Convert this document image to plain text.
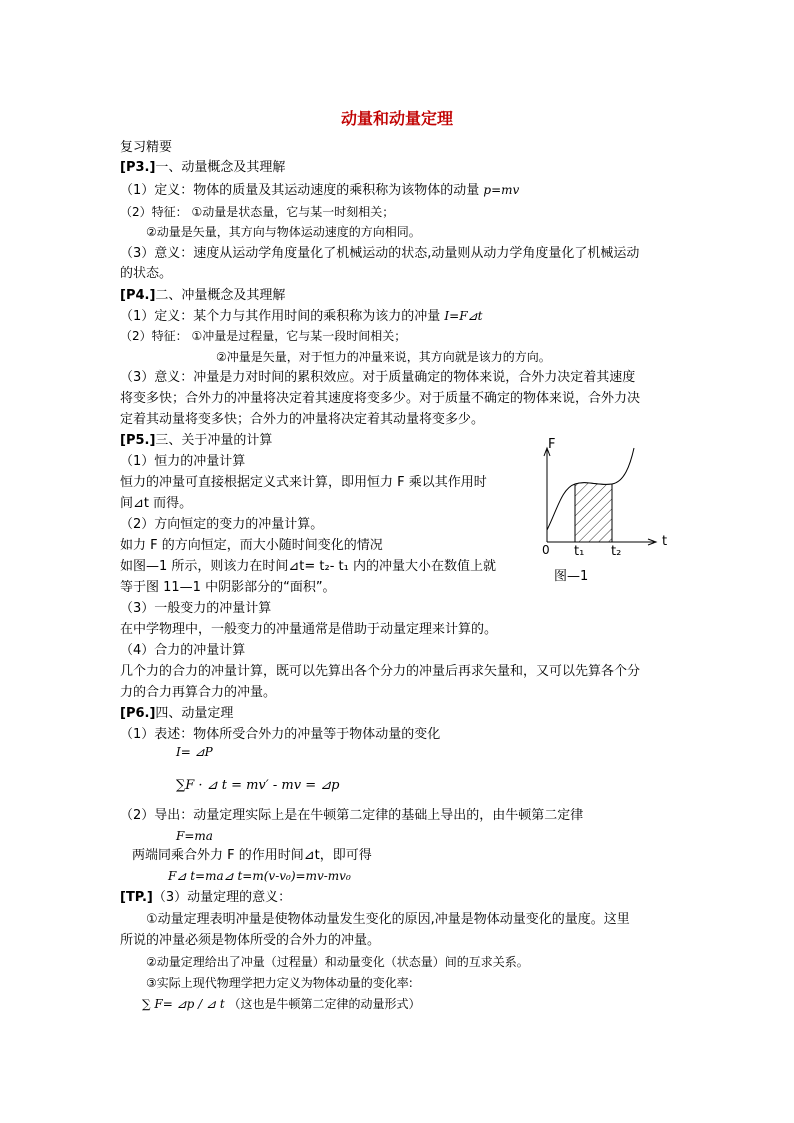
动量和动量定理
复习精要
[P3.]一、动量概念及其理解
（1）定义：物体的质量及其运动速度的乘积称为该物体的动量 p=mv
（2）特征： ①动量是状态量，它与某一时刻相关；
②动量是矢量，其方向与物体运动速度的方向相同。
（3）意义：速度从运动学角度量化了机械运动的状态,动量则从动力学角度量化了机械运动
的状态。
[P4.]二、冲量概念及其理解
（1）定义：某个力与其作用时间的乘积称为该力的冲量 I=F⊿t
（2）特征： ①冲量是过程量，它与某一段时间相关；
②冲量是矢量，对于恒力的冲量来说，其方向就是该力的方向。
（3）意义：冲量是力对时间的累积效应。对于质量确定的物体来说，合外力决定着其速度
将变多快；合外力的冲量将决定着其速度将变多少。对于质量不确定的物体来说，合外力决
定着其动量将变多快；合外力的冲量将决定着其动量将变多少。
[P5.]三、关于冲量的计算
（1）恒力的冲量计算
恒力的冲量可直接根据定义式来计算，即用恒力 F 乘以其作用时
间⊿t 而得。
（2）方向恒定的变力的冲量计算。
如力 F 的方向恒定，而大小随时间变化的情况
如图—1 所示，则该力在时间⊿t= t₂- t₁ 内的冲量大小在数值上就
等于图 11—1 中阴影部分的“面积”。
（3）一般变力的冲量计算
在中学物理中，一般变力的冲量通常是借助于动量定理来计算的。
（4）合力的冲量计算
几个力的合力的冲量计算，既可以先算出各个分力的冲量后再求矢量和，又可以先算各个分
力的合力再算合力的冲量。
F
t
0 t₁ t₂
图—1
[P6.]四、动量定理
（1）表述：物体所受合外力的冲量等于物体动量的变化
I= ⊿P
∑F · ⊿ t = mv′ - mv = ⊿p
（2）导出：动量定理实际上是在牛顿第二定律的基础上导出的，由牛顿第二定律
F=ma
两端同乘合外力 F 的作用时间⊿t，即可得
F⊿ t=ma⊿ t=m(v-v₀)=mv-mv₀
[TP.]（3）动量定理的意义：
①动量定理表明冲量是使物体动量发生变化的原因,冲量是物体动量变化的量度。这里
所说的冲量必须是物体所受的合外力的冲量。
②动量定理给出了冲量（过程量）和动量变化（状态量）间的互求关系。
③实际上现代物理学把力定义为物体动量的变化率:
∑ F= ⊿p / ⊿ t （这也是牛顿第二定律的动量形式）
